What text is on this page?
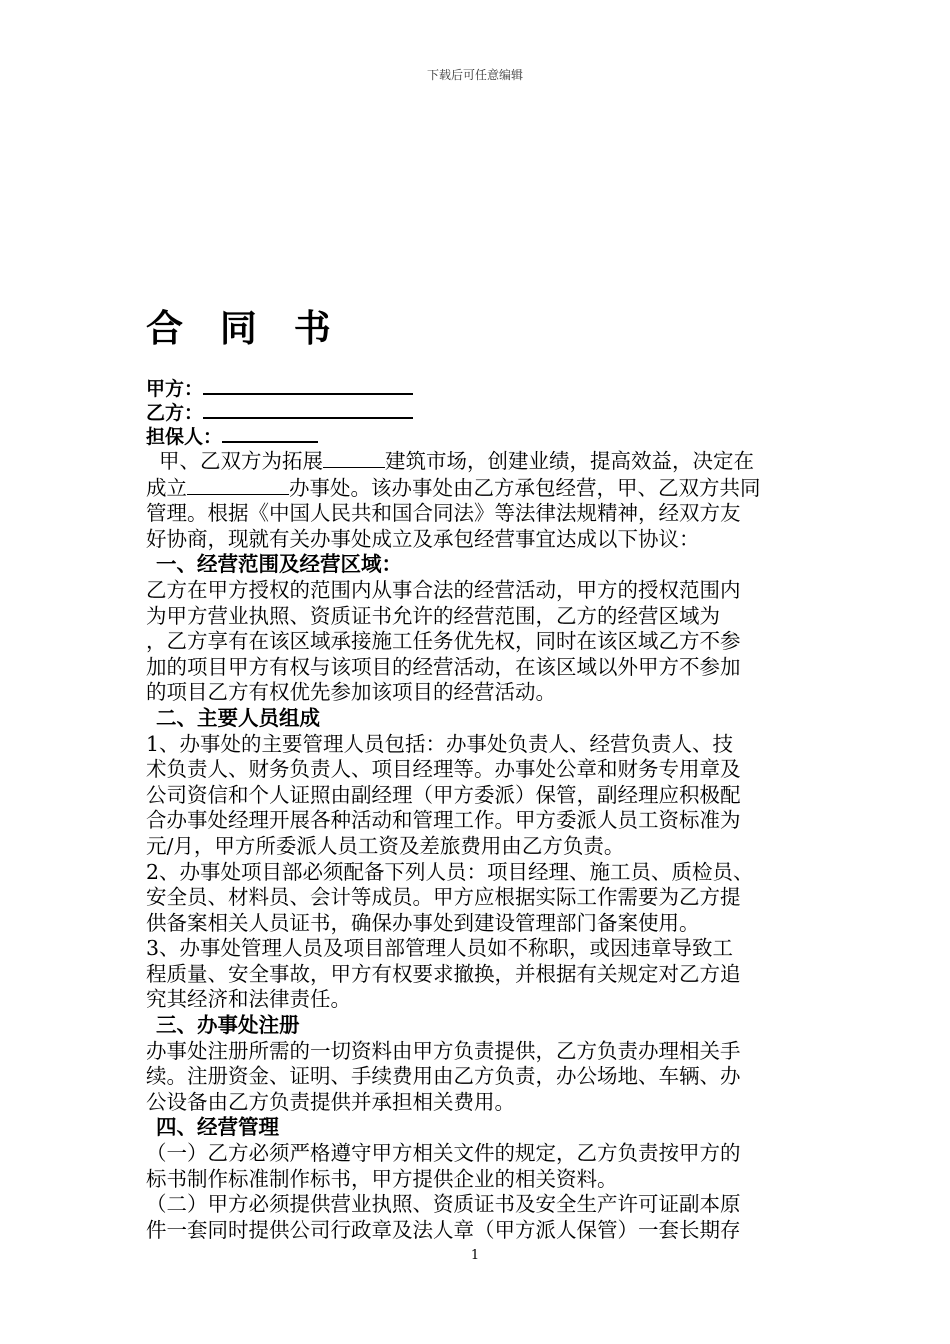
下载后可任意编辑
合 同 书
甲方：
乙方：
担保人：

甲、乙双方为拓展	建筑市场，创建业绩，提高效益，决定在

成立	办事处。该办事处由乙方承包经营，甲、乙双方共同

管理。根据《中国人民共和国合同法》等法律法规精神，经双方友

好协商，现就有关办事处成立及承包经营事宜达成以下协议：

一、经营范围及经营区域：

乙方在甲方授权的范围内从事合法的经营活动，甲方的授权范围内

为甲方营业执照、资质证书允许的经营范围，乙方的经营区域为

，乙方享有在该区域承接施工任务优先权，同时在该区域乙方不参

加的项目甲方有权与该项目的经营活动，在该区域以外甲方不参加

的项目乙方有权优先参加该项目的经营活动。

二、主要人员组成

1、办事处的主要管理人员包括：办事处负责人、经营负责人、技

术负责人、财务负责人、项目经理等。办事处公章和财务专用章及

公司资信和个人证照由副经理（甲方委派）保管，副经理应积极配

合办事处经理开展各种活动和管理工作。甲方委派人员工资标准为

元/月，甲方所委派人员工资及差旅费用由乙方负责。

2、办事处项目部必须配备下列人员：项目经理、施工员、质检员、

安全员、材料员、会计等成员。甲方应根据实际工作需要为乙方提

供备案相关人员证书，确保办事处到建设管理部门备案使用。

3、办事处管理人员及项目部管理人员如不称职，或因违章导致工

程质量、安全事故，甲方有权要求撤换，并根据有关规定对乙方追

究其经济和法律责任。

三、办事处注册

办事处注册所需的一切资料由甲方负责提供，乙方负责办理相关手

续。注册资金、证明、手续费用由乙方负责，办公场地、车辆、办

公设备由乙方负责提供并承担相关费用。

四、经营管理

（一）乙方必须严格遵守甲方相关文件的规定，乙方负责按甲方的

标书制作标准制作标书，甲方提供企业的相关资料。

（二）甲方必须提供营业执照、资质证书及安全生产许可证副本原

件一套同时提供公司行政章及法人章（甲方派人保管）一套长期存

1
